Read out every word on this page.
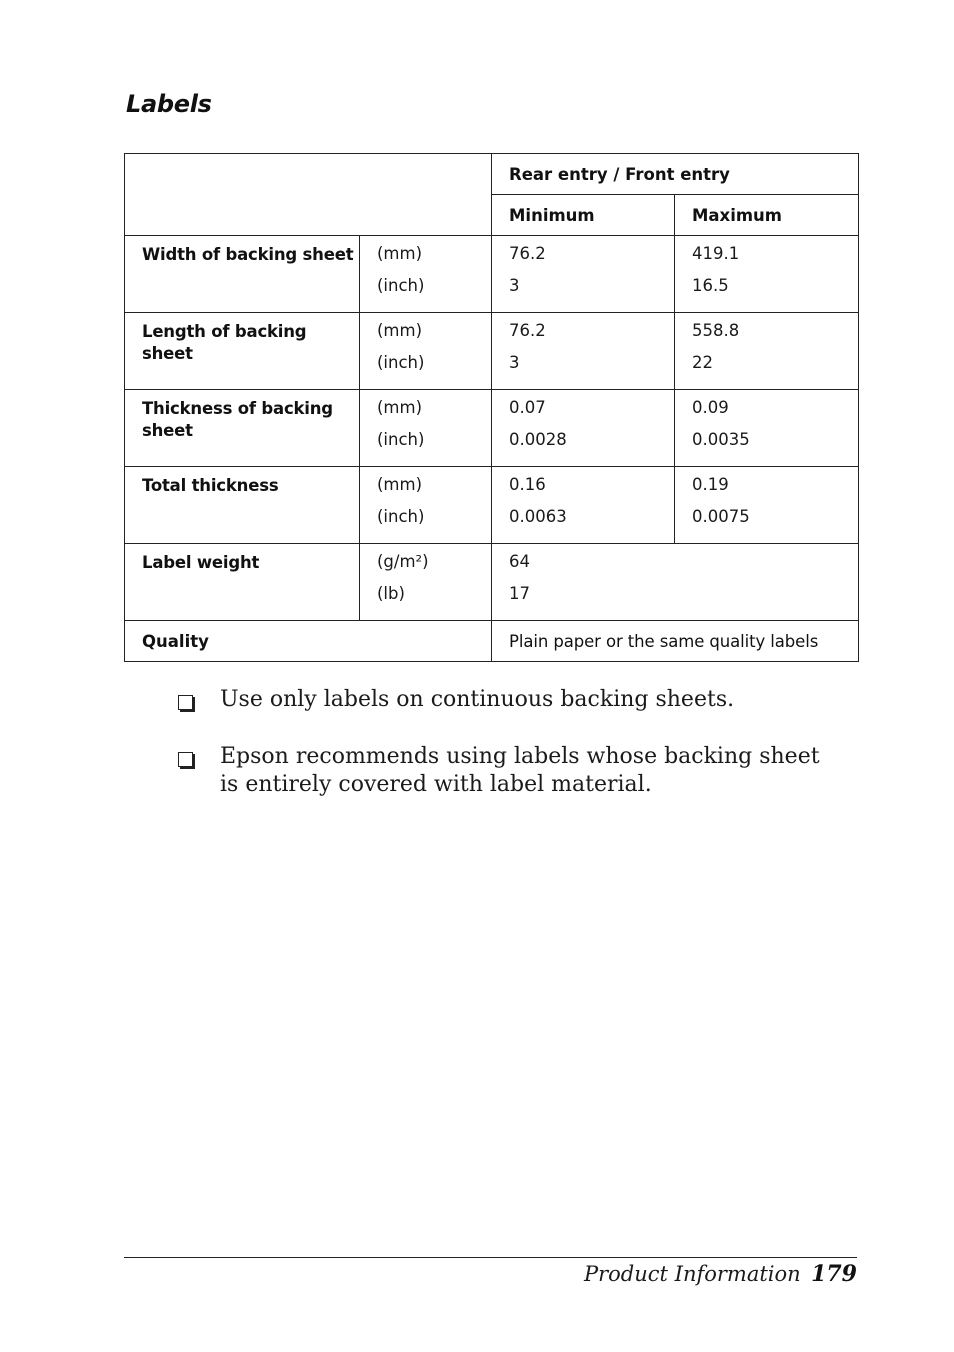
Labels
		Rear entry / Front entry	
		Minimum	Maximum
Width of backing sheet	(mm)	76.2	419.1
	(inch)	3	16.5
Length of backing sheet	(mm)	76.2	558.8
	(inch)	3	22
Thickness of backing sheet	(mm)	0.07	0.09
	(inch)	0.0028	0.0035
Total thickness	(mm)	0.16	0.19
	(inch)	0.0063	0.0075
Label weight	(g/m²)	64	
	(lb)	17	
Quality		Plain paper or the same quality labels	
Use only labels on continuous backing sheets.
Epson recommends using labels whose backing sheet is entirely covered with label material.
Product Information 179
